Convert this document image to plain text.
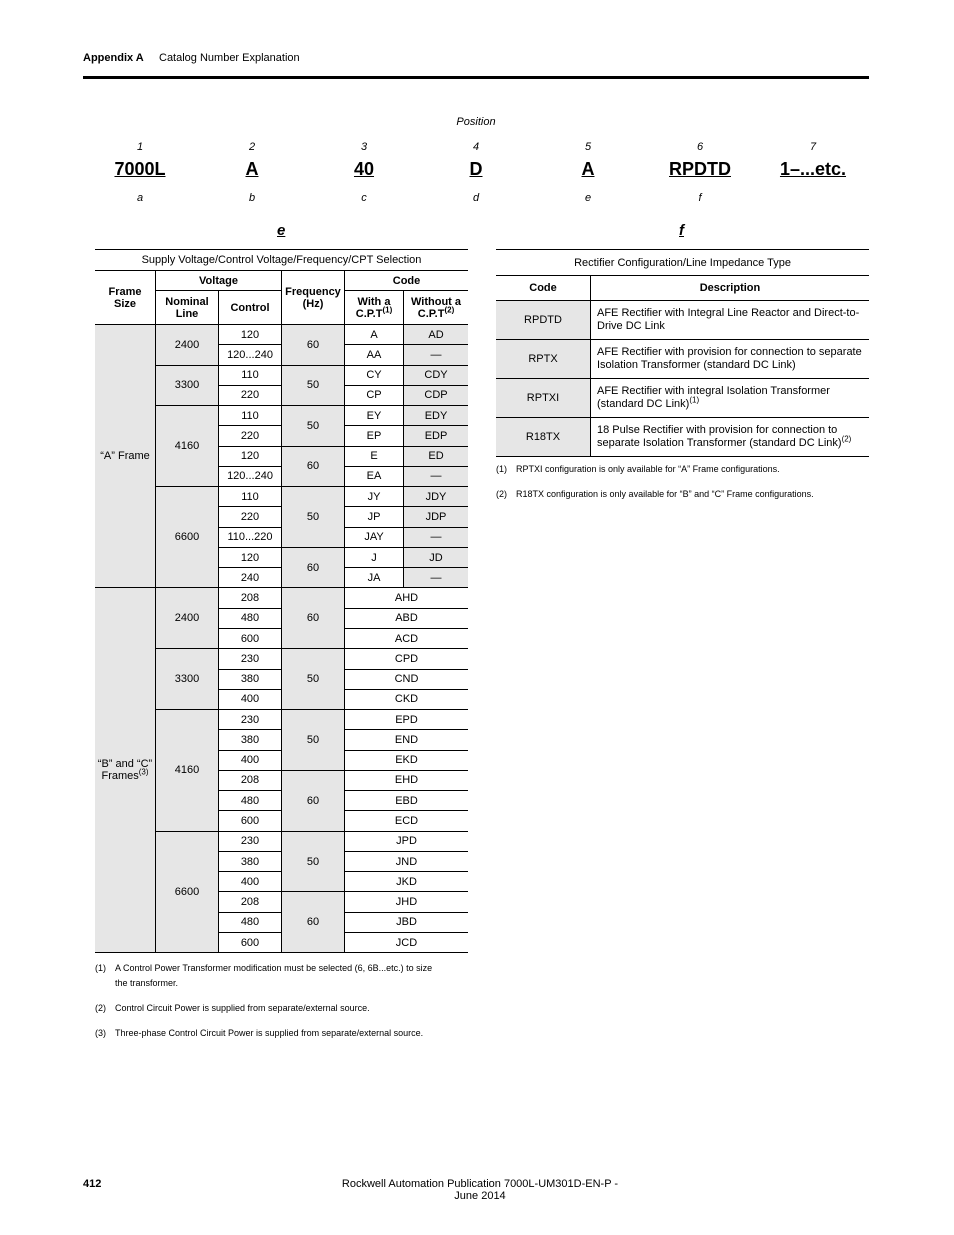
Appendix A Catalog Number Explanation
Position
1
7000L
a
2
A
b
3
40
c
4
D
d
5
A
e
6
RPDTD
f
7
1–...etc.
e	f
Supply Voltage/Control Voltage/Frequency/CPT Selection					
Frame Size	Voltage		Frequency (Hz)	Code	
	Nominal Line	Control		With a $C.P.T^{(1)}$	Without a $C.P.T^{(2)}$
“A” Frame	2400	120	60	A	AD
		120...240		AA	—
	3300	110	50	CY	CDY
		220		CP	CDP
	4160	110	50	EY	EDY
		220		EP	EDP
		120	60	E	ED
		120...240		EA	—
	6600	110	50	JY	JDY
		220		JP	JDP
		110...220		JAY	—
		120	60	J	JD
		240		JA	—
“B” and “C” Frames$^{(3)}$	2400	208	60	AHD	
		480		ABD	
		600		ACD	
	3300	230	50	CPD	
		380		CND	
		400		CKD	
	4160	230	50	EPD	
		380		END	
		400		EKD	
		208	60	EHD	
		480		EBD	
		600		ECD	
	6600	230	50	JPD	
		380		JND	
		400		JKD	
		208	60	JHD	
		480		JBD	
		600		JCD	
(1) A Control Power Transformer modification must be selected (6, 6B...etc.) to size the transformer.
(2) Control Circuit Power is supplied from separate/external source.
(3) Three-phase Control Circuit Power is supplied from separate/external source.
Rectifier Configuration/Line Impedance Type	
Code	Description
RPDTD	AFE Rectifier with Integral Line Reactor and Direct-to-Drive DC Link
RPTX	AFE Rectifier with provision for connection to separate Isolation Transformer (standard DC Link)
RPTXI	AFE Rectifier with integral Isolation Transformer (standard DC Link)$^{(1)}$
R18TX	18 Pulse Rectifier with provision for connection to separate Isolation Transformer (standard DC Link)$^{(2)}$
(1) RPTXI configuration is only available for “A” Frame configurations.
(2) R18TX configuration is only available for “B” and “C” Frame configurations.
412	Rockwell Automation Publication 7000L-UM301D-EN-P - June 2014
